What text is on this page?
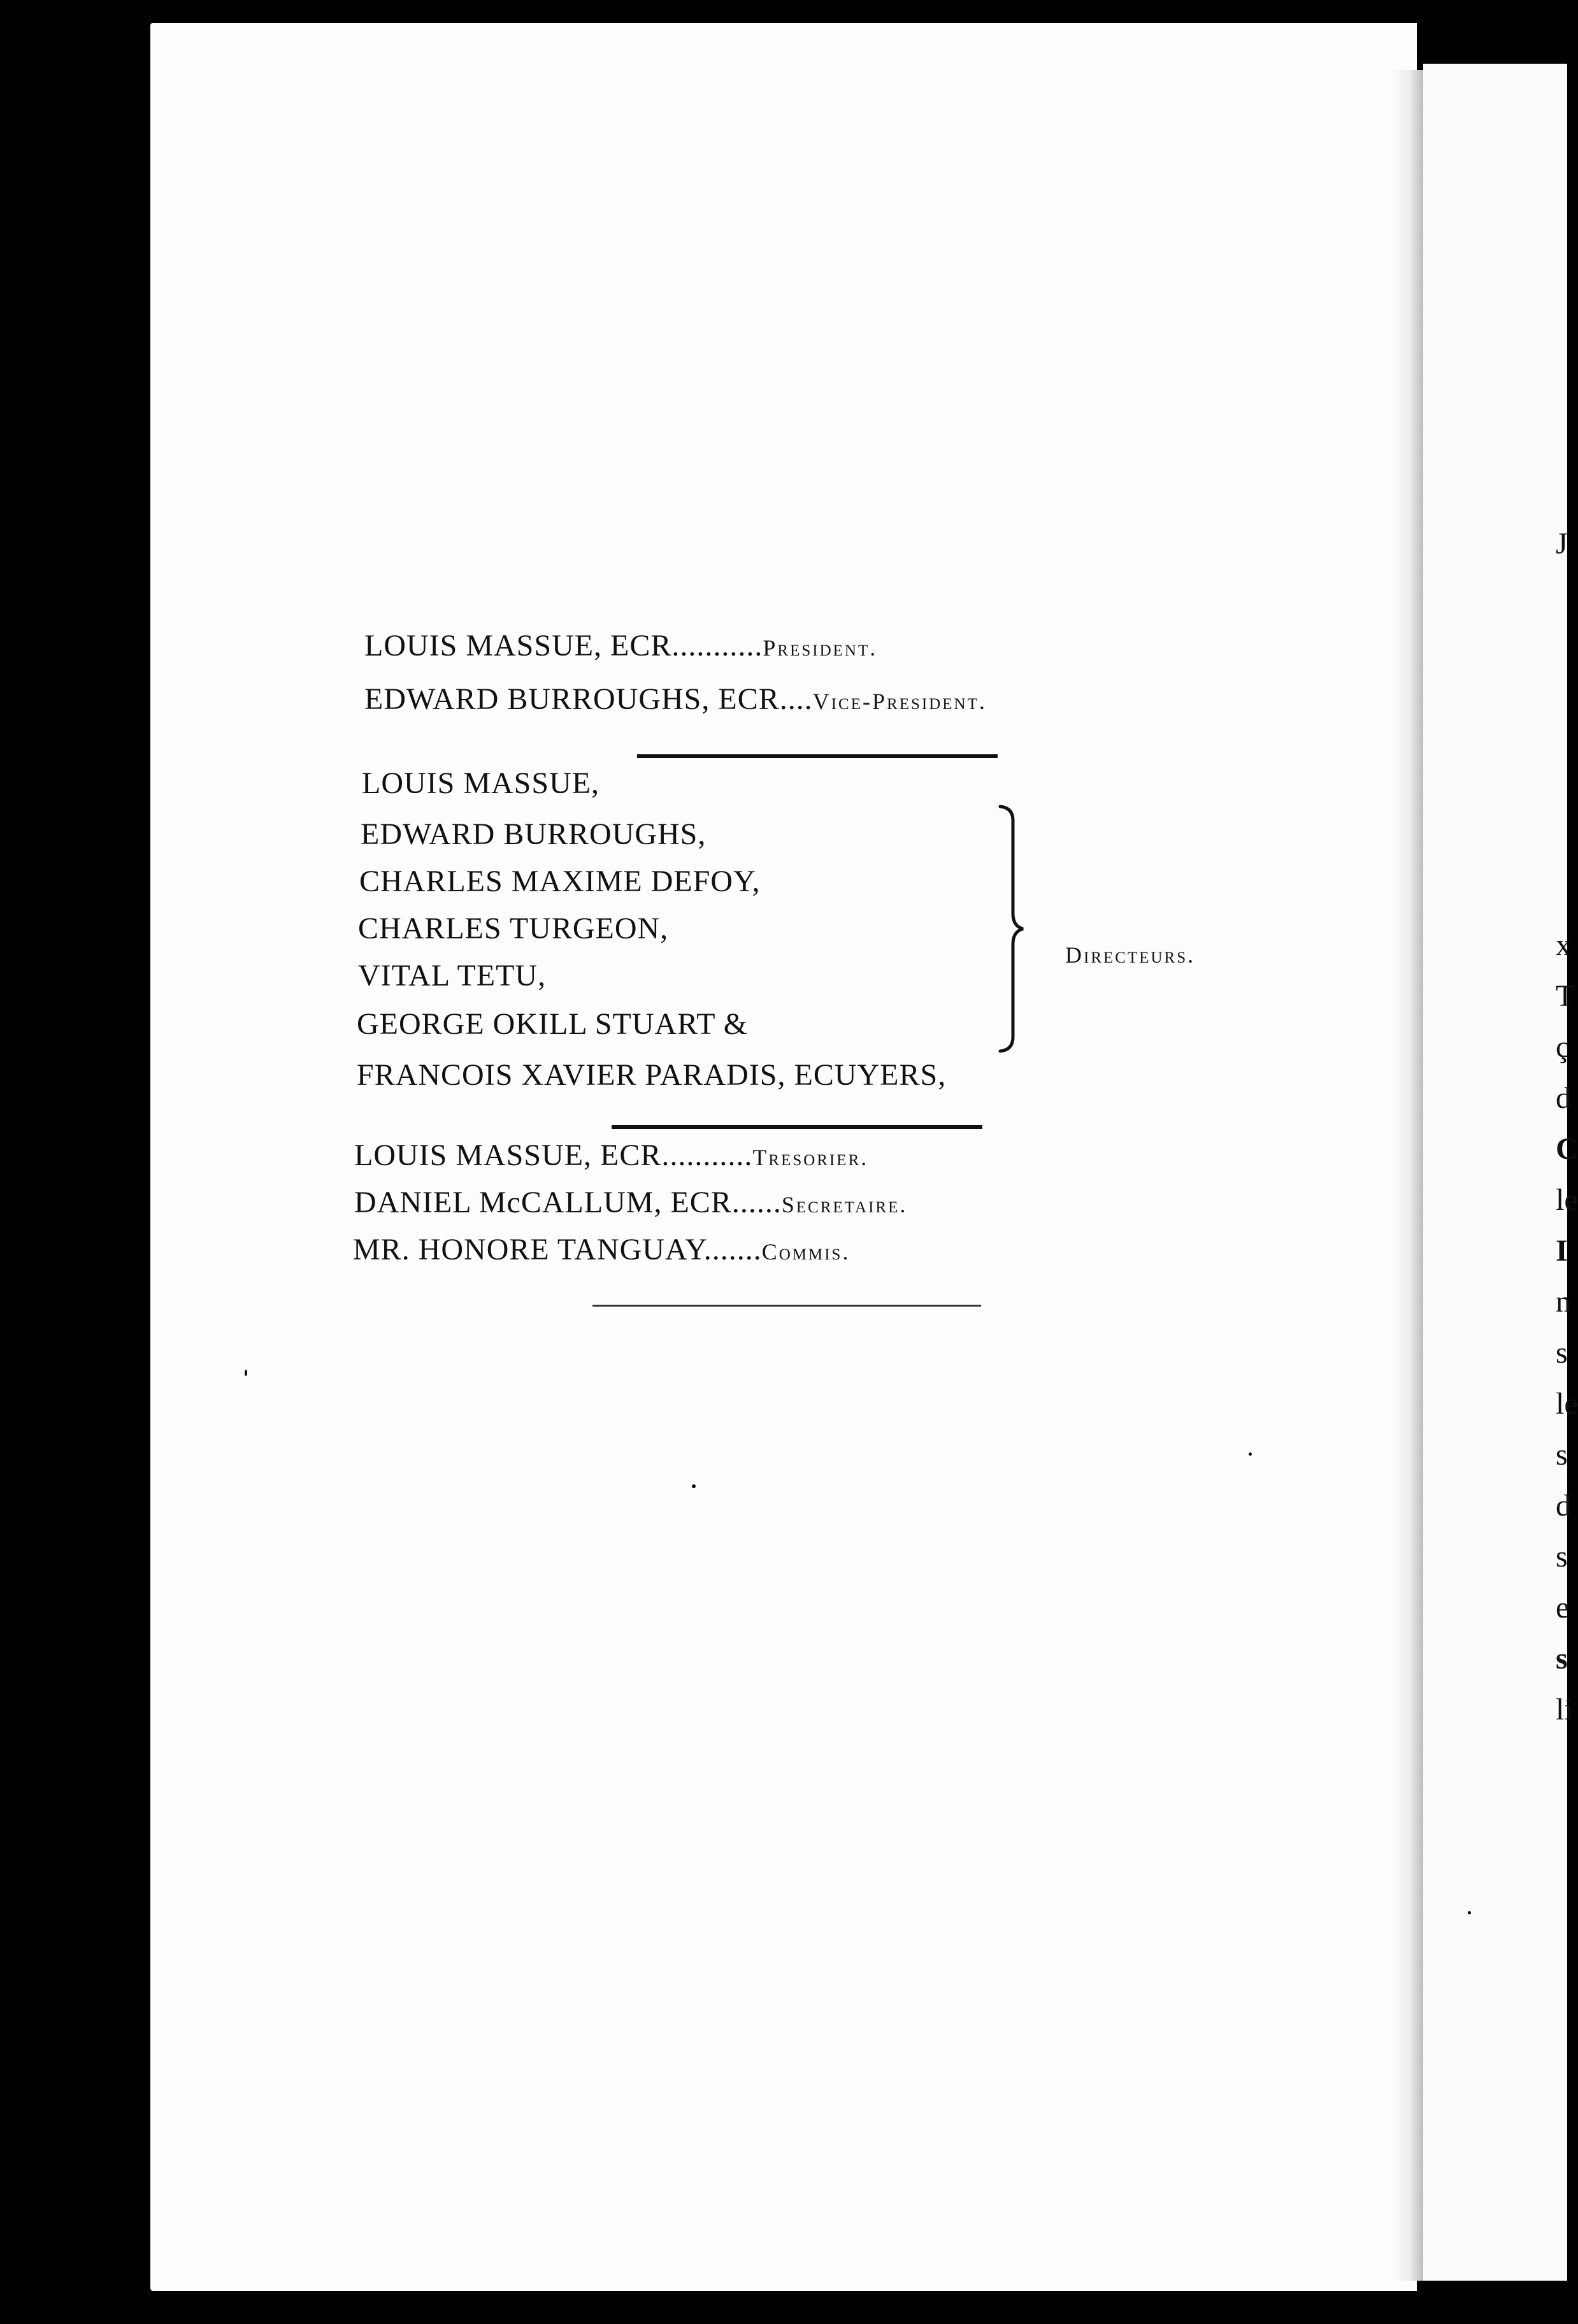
LOUIS MASSUE, ECR...........President.
EDWARD BURROUGHS, ECR....Vice-President.
LOUIS MASSUE,
EDWARD BURROUGHS,
CHARLES MAXIME DEFOY,
CHARLES TURGEON,
VITAL TETU,
GEORGE OKILL STUART &
FRANCOIS XAVIER PARADIS, ECUYERS,
Directeurs.
LOUIS MASSUE, ECR...........Tresorier.
DANIEL McCALLUM, ECR......Secretaire.
MR. HONORE TANGUAY.......Commis.
J
x
T
ç
d
C
le
I
n
s
le
s
d
s
e
s
li
